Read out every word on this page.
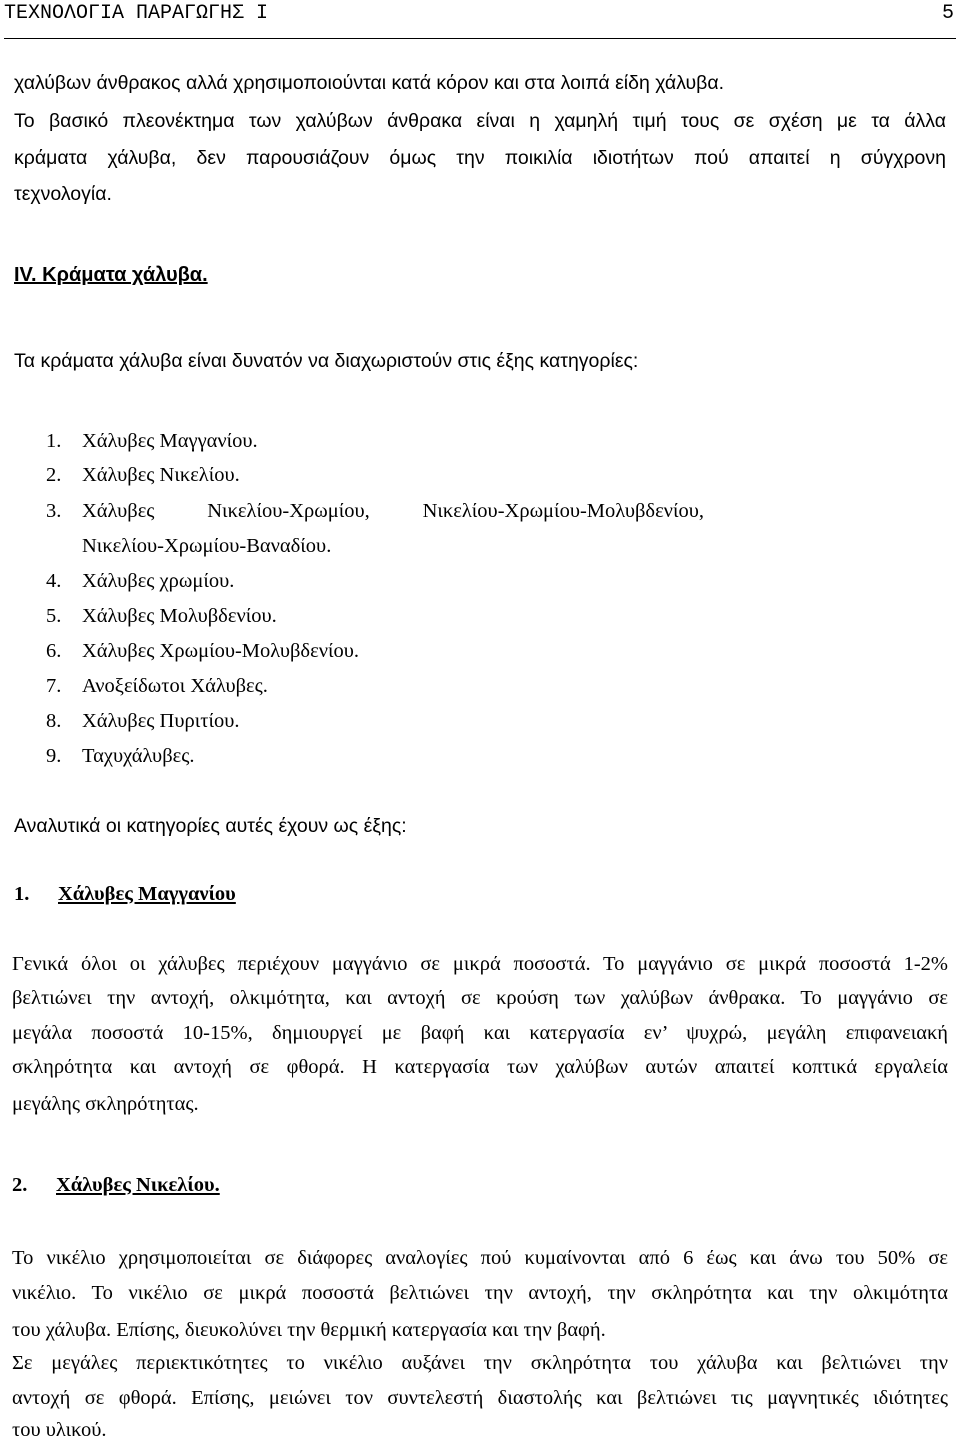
ΤΕΧΝΟΛΟΓΙΑ ΠΑΡΑΓΩΓΗΣ Ι	5
χαλύβων άνθρακος αλλά χρησιμοποιούνται κατά κόρον και στα λοιπά είδη χάλυβα.
Το βασικό πλεονέκτημα των χαλύβων άνθρακα είναι η χαμηλή τιμή τους σε σχέση με τα άλλα
κράματα χάλυβα, δεν παρουσιάζουν όμως την ποικιλία ιδιοτήτων πού απαιτεί η σύγχρονη
τεχνολογία.
IV. Κράματα χάλυβα.
Τα κράματα χάλυβα είναι δυνατόν να διαχωριστούν στις έξης κατηγορίες:
1. Χάλυβες Μαγγανίου.
2. Χάλυβες Νικελίου.
3. Χάλυβες Νικελίου-Χρωμίου, Νικελίου-Χρωμίου-Μολυβδενίου,
Νικελίου-Χρωμίου-Βαναδίου.
4. Χάλυβες χρωμίου.
5. Χάλυβες Μολυβδενίου.
6. Χάλυβες Χρωμίου-Μολυβδενίου.
7. Ανοξείδωτοι Χάλυβες.
8. Χάλυβες Πυριτίου.
9. Ταχυχάλυβες.
Αναλυτικά οι κατηγορίες αυτές έχουν ως έξης:
1. Χάλυβες Μαγγανίου
Γενικά όλοι οι χάλυβες περιέχουν μαγγάνιο σε μικρά ποσοστά. Το μαγγάνιο σε μικρά ποσοστά 1-2%
βελτιώνει την αντοχή, ολκιμότητα, και αντοχή σε κρούση των χαλύβων άνθρακα. Το μαγγάνιο σε
μεγάλα ποσοστά 10-15%, δημιουργεί με βαφή και κατεργασία εν’ ψυχρώ, μεγάλη επιφανειακή
σκληρότητα και αντοχή σε φθορά. Η κατεργασία των χαλύβων αυτών απαιτεί κοπτικά εργαλεία
μεγάλης σκληρότητας.
2. Χάλυβες Νικελίου.
Το νικέλιο χρησιμοποιείται σε διάφορες αναλογίες πού κυμαίνονται από 6 έως και άνω του 50% σε
νικέλιο. Το νικέλιο σε μικρά ποσοστά βελτιώνει την αντοχή, την σκληρότητα και την ολκιμότητα
του χάλυβα. Επίσης, διευκολύνει την θερμική κατεργασία και την βαφή.
Σε μεγάλες περιεκτικότητες το νικέλιο αυξάνει την σκληρότητα του χάλυβα και βελτιώνει την
αντοχή σε φθορά. Επίσης, μειώνει τον συντελεστή διαστολής και βελτιώνει τις μαγνητικές ιδιότητες
του υλικού.
